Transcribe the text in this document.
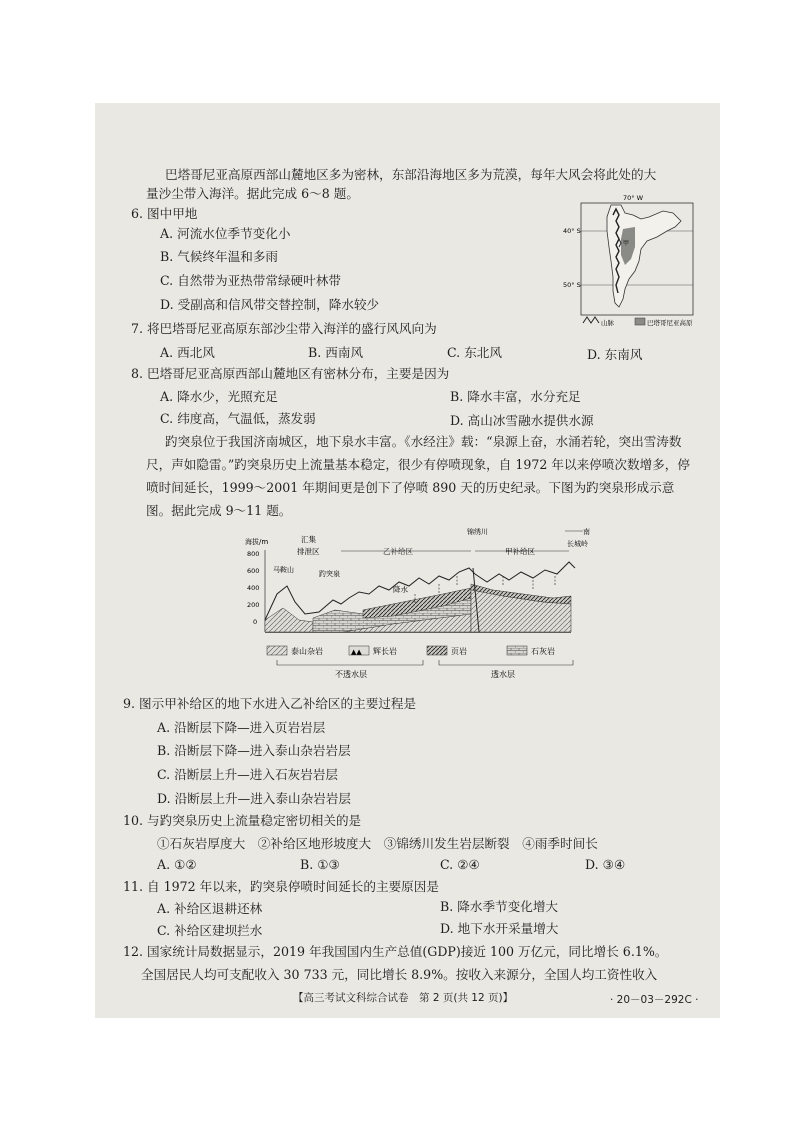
巴塔哥尼亚高原西部山麓地区多为密林，东部沿海地区多为荒漠，每年大风会将此处的大
量沙尘带入海洋。据此完成 6～8 题。
6. 图中甲地
A. 河流水位季节变化小
B. 气候终年温和多雨
C. 自然带为亚热带常绿硬叶林带
D. 受副高和信风带交替控制，降水较少
70° W
40° S
50° S
甲
山脉	巴塔哥尼亚高原
7. 将巴塔哥尼亚高原东部沙尘带入海洋的盛行风风向为
A. 西北风	B. 西南风	C. 东北风	D. 东南风
8. 巴塔哥尼亚高原西部山麓地区有密林分布，主要是因为
A. 降水少，光照充足	B. 降水丰富，水分充足
C. 纬度高，气温低，蒸发弱	D. 高山冰雪融水提供水源
趵突泉位于我国济南城区，地下泉水丰富。《水经注》载：“泉源上奋，水涌若轮，突出雪涛数
尺，声如隐雷。”趵突泉历史上流量基本稳定，很少有停喷现象，自 1972 年以来停喷次数增多，停
喷时间延长，1999～2001 年期间更是创下了停喷 890 天的历史纪录。下图为趵突泉形成示意
图。据此完成 9～11 题。
海拔/m
800
600
400
200
0
汇集
排泄区	乙补给区	甲补给区
锦绣川	南
长城岭
马鞍山	趵突泉
降水
泰山杂岩	▲▲ 辉长岩	页岩	石灰岩
不透水层	透水层
9. 图示甲补给区的地下水进入乙补给区的主要过程是
A. 沿断层下降—进入页岩岩层
B. 沿断层下降—进入泰山杂岩岩层
C. 沿断层上升—进入石灰岩岩层
D. 沿断层上升—进入泰山杂岩岩层
10. 与趵突泉历史上流量稳定密切相关的是
①石灰岩厚度大　②补给区地形坡度大　③锦绣川发生岩层断裂　④雨季时间长
A. ①②	B. ①③	C. ②④	D. ③④
11. 自 1972 年以来，趵突泉停喷时间延长的主要原因是
A. 补给区退耕还林	B. 降水季节变化增大
C. 补给区建坝拦水	D. 地下水开采量增大
12. 国家统计局数据显示，2019 年我国国内生产总值(GDP)接近 100 万亿元，同比增长 6.1%。
全国居民人均可支配收入 30 733 元，同比增长 8.9%。按收入来源分，全国人均工资性收入
【高三考试文科综合试卷　第 2 页(共 12 页)】	· 20－03－292C ·
